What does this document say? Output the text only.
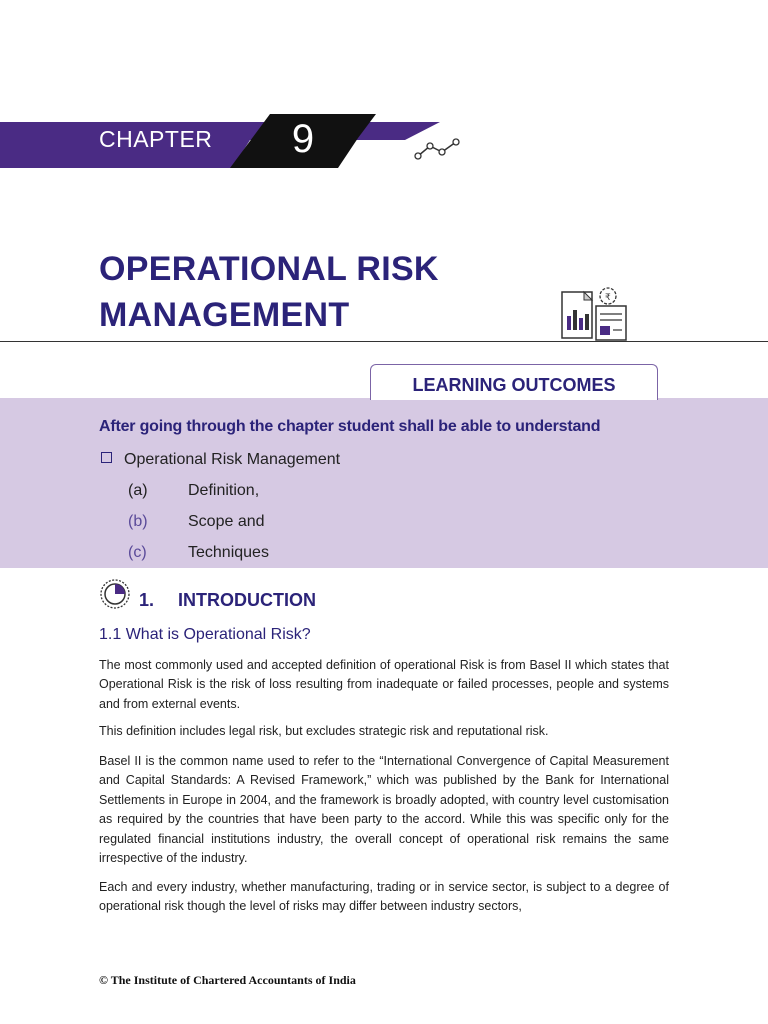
CHAPTER 9
OPERATIONAL RISK
MANAGEMENT	₹
LEARNING OUTCOMES
After going through the chapter student shall be able to understand
Operational Risk Management
(a)	Definition,
(b)	Scope and
(c)	Techniques
1. INTRODUCTION
1.1 What is Operational Risk?
The most commonly used and accepted definition of operational Risk is from Basel II which states that Operational Risk is the risk of loss resulting from inadequate or failed processes, people and systems and from external events.
This definition includes legal risk, but excludes strategic risk and reputational risk.
Basel II is the common name used to refer to the “International Convergence of Capital Measurement and Capital Standards: A Revised Framework,” which was published by the Bank for International Settlements in Europe in 2004, and the framework is broadly adopted, with country level customisation as required by the countries that have been party to the accord. While this was specific only for the regulated financial institutions industry, the overall concept of operational risk remains the same irrespective of the industry.
Each and every industry, whether manufacturing, trading or in service sector, is subject to a degree of operational risk though the level of risks may differ between industry sectors,
© The Institute of Chartered Accountants of India
